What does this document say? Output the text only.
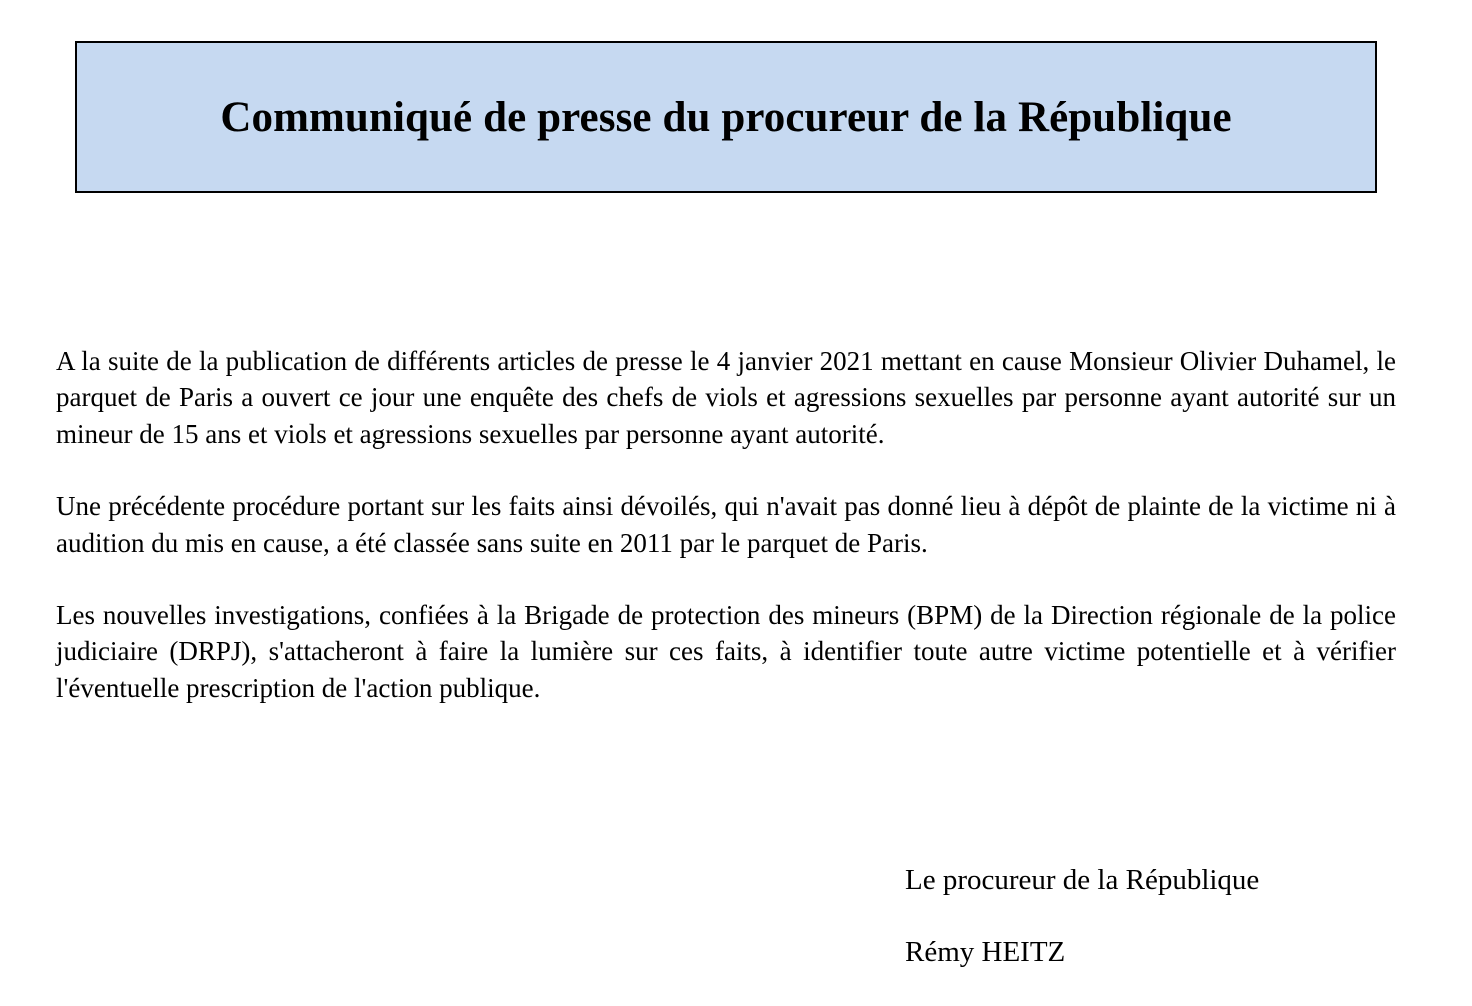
Communiqué de presse du procureur de la République

A la suite de la publication de différents articles de presse le 4 janvier 2021 mettant en cause Monsieur Olivier Duhamel, le parquet de Paris a ouvert ce jour une enquête des chefs de viols et agressions sexuelles par personne ayant autorité sur un mineur de 15 ans et viols et agressions sexuelles par personne ayant autorité.

Une précédente procédure portant sur les faits ainsi dévoilés, qui n'avait pas donné lieu à dépôt de plainte de la victime ni à audition du mis en cause, a été classée sans suite en 2011 par le parquet de Paris.

Les nouvelles investigations, confiées à la Brigade de protection des mineurs (BPM) de la Direction régionale de la police judiciaire (DRPJ), s'attacheront à faire la lumière sur ces faits, à identifier toute autre victime potentielle et à vérifier l'éventuelle prescription de l'action publique.

Le procureur de la République
Rémy HEITZ
